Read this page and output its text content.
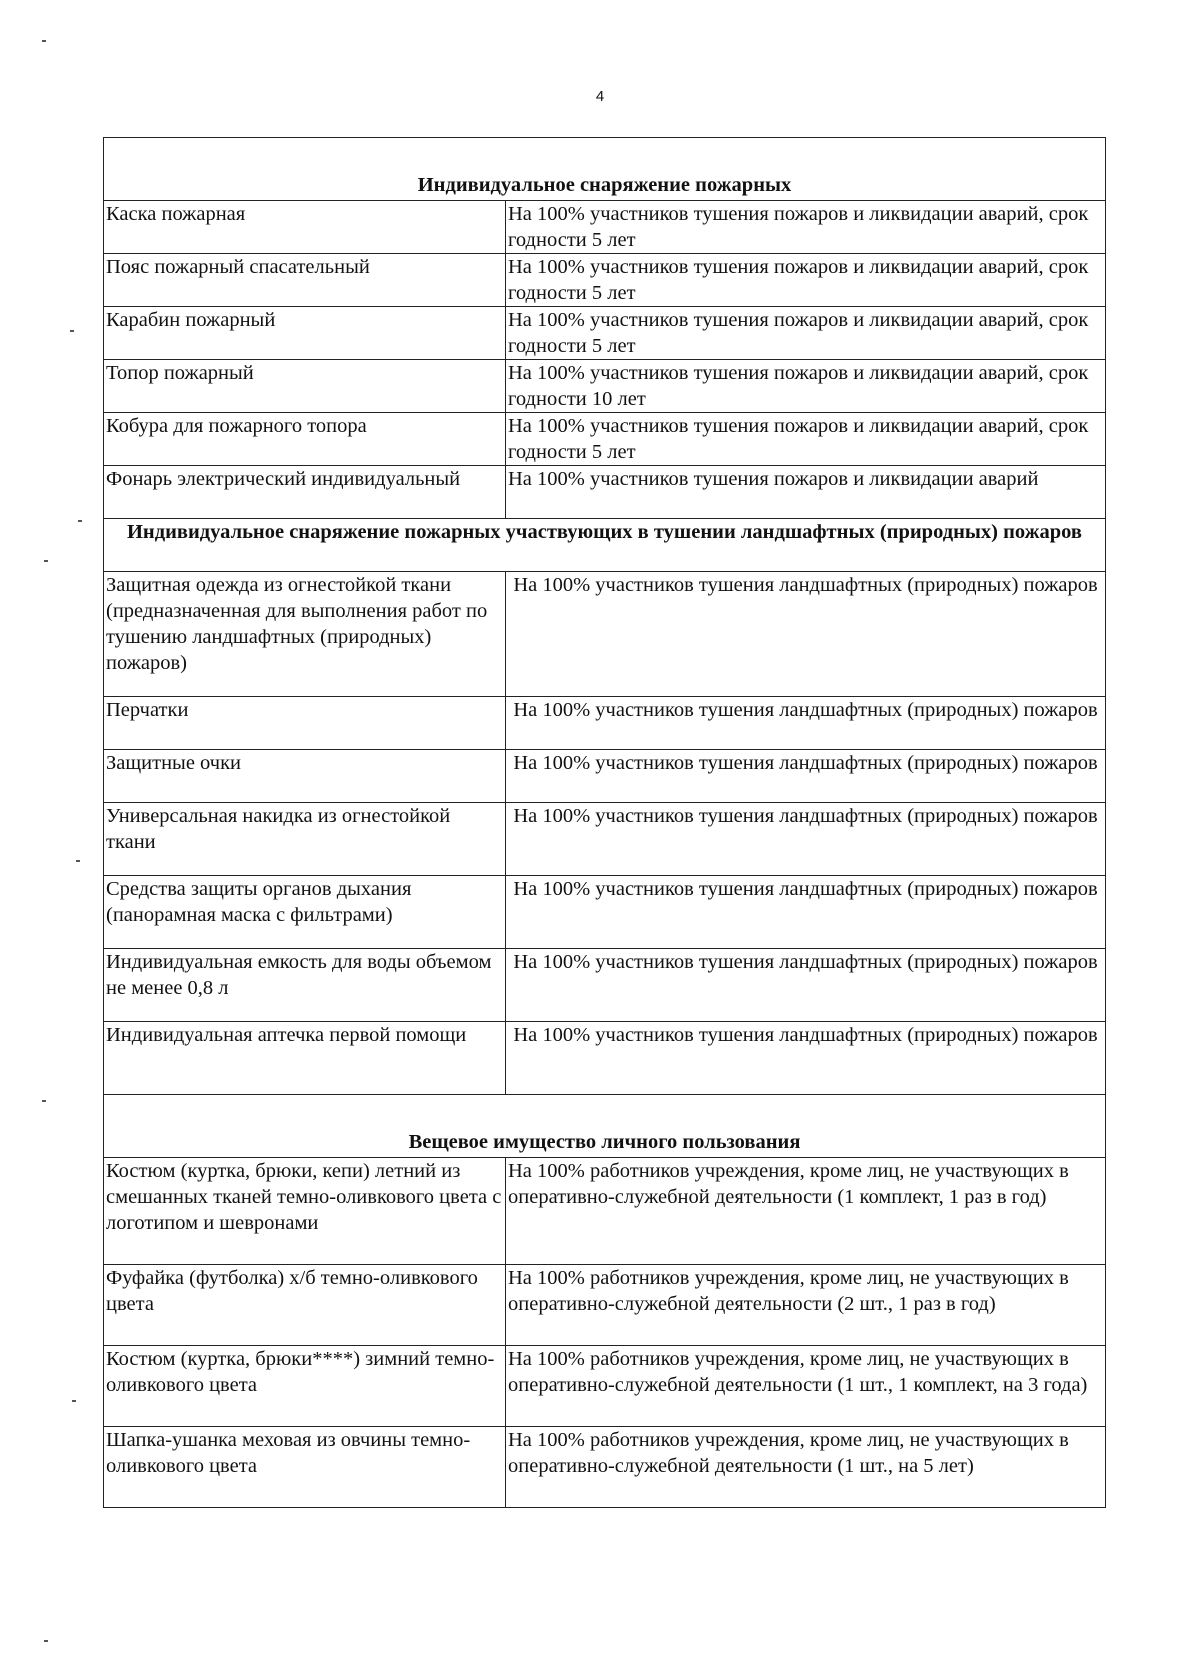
4
Индивидуальное снаряжение пожарных	
Каска пожарная	На 100% участников тушения пожаров и ликвидации аварий, срок годности 5 лет
Пояс пожарный спасательный	На 100% участников тушения пожаров и ликвидации аварий, срок годности 5 лет
Карабин пожарный	На 100% участников тушения пожаров и ликвидации аварий, срок годности 5 лет
Топор пожарный	На 100% участников тушения пожаров и ликвидации аварий, срок годности 10 лет
Кобура для пожарного топора	На 100% участников тушения пожаров и ликвидации аварий, срок годности 5 лет
Фонарь электрический индивидуальный	На 100% участников тушения пожаров и ликвидации аварий
Индивидуальное снаряжение пожарных участвующих в тушении ландшафтных (природных) пожаров	
Защитная одежда из огнестойкой ткани (предназначенная для выполнения работ по тушению ландшафтных (природных) пожаров)	На 100% участников тушения ландшафтных (природных) пожаров
Перчатки	На 100% участников тушения ландшафтных (природных) пожаров
Защитные очки	На 100% участников тушения ландшафтных (природных) пожаров
Универсальная накидка из огнестойкой ткани	На 100% участников тушения ландшафтных (природных) пожаров
Средства защиты органов дыхания (панорамная маска с фильтрами)	На 100% участников тушения ландшафтных (природных) пожаров
Индивидуальная емкость для воды объемом не менее 0,8 л	На 100% участников тушения ландшафтных (природных) пожаров
Индивидуальная аптечка первой помощи	На 100% участников тушения ландшафтных (природных) пожаров
Вещевое имущество личного пользования	
Костюм (куртка, брюки, кепи) летний из смешанных тканей темно-оливкового цвета с логотипом и шевронами	На 100% работников учреждения, кроме лиц, не участвующих в оперативно-служебной деятельности (1 комплект, 1 раз в год)
Фуфайка (футболка) х/б темно-оливкового цвета	На 100% работников учреждения, кроме лиц, не участвующих в оперативно-служебной деятельности (2 шт., 1 раз в год)
Костюм (куртка, брюки****) зимний темно-оливкового цвета	На 100% работников учреждения, кроме лиц, не участвующих в оперативно-служебной деятельности (1 шт., 1 комплект, на 3 года)
Шапка-ушанка меховая из овчины темно-оливкового цвета	На 100% работников учреждения, кроме лиц, не участвующих в оперативно-служебной деятельности (1 шт., на 5 лет)
